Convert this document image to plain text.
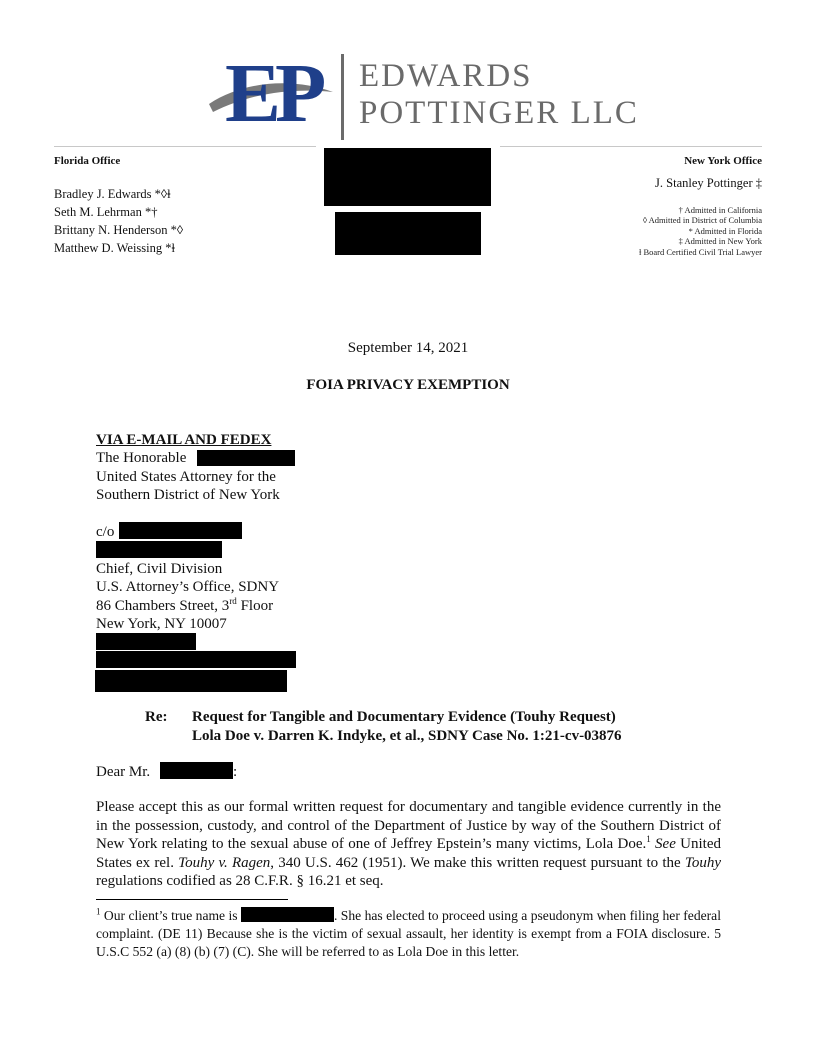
EP EDWARDS
POTTINGER LLC
Florida Office
Bradley J. Edwards *◊ⱡ
Seth M. Lehrman *†
Brittany N. Henderson *◊
Matthew D. Weissing *ⱡ
New York Office
J. Stanley Pottinger ‡
† Admitted in California
◊ Admitted in District of Columbia
* Admitted in Florida
‡ Admitted in New York
ⱡ Board Certified Civil Trial Lawyer
September 14, 2021
FOIA PRIVACY EXEMPTION
VIA E-MAIL AND FEDEX
The Honorable
United States Attorney for the
Southern District of New York
c/o
Chief, Civil Division
U.S. Attorney’s Office, SDNY
86 Chambers Street, 3rd Floor
New York, NY 10007
Re: Request for Tangible and Documentary Evidence (Touhy Request)
Lola Doe v. Darren K. Indyke, et al., SDNY Case No. 1:21-cv-03876
Dear Mr.	:
Please accept this as our formal written request for documentary and tangible evidence currently in the in the possession, custody, and control of the Department of Justice by way of the Southern District of New York relating to the sexual abuse of one of Jeffrey Epstein’s many victims, Lola Doe.$^1$ See United States ex rel. Touhy v. Ragen, 340 U.S. 462 (1951). We make this written request pursuant to the Touhy regulations codified as 28 C.F.R. § 16.21 et seq.
$^1$ Our client’s true name is	. She has elected to proceed using a pseudonym when filing her federal complaint. (DE 11) Because she is the victim of sexual assault, her identity is exempt from a FOIA disclosure. 5 U.S.C 552 (a) (8) (b) (7) (C). She will be referred to as Lola Doe in this letter.
